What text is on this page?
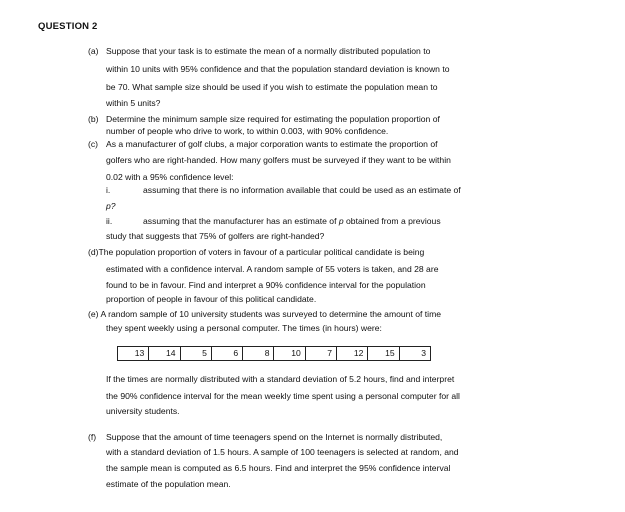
QUESTION 2
(a) Suppose that your task is to estimate the mean of a normally distributed population to
within 10 units with 95% confidence and that the population standard deviation is known to
be 70. What sample size should be used if you wish to estimate the population mean to
within 5 units?
(b) Determine the minimum sample size required for estimating the population proportion of
number of people who drive to work, to within 0.003, with 90% confidence.
(c) As a manufacturer of golf clubs, a major corporation wants to estimate the proportion of
golfers who are right-handed. How many golfers must be surveyed if they want to be within
0.02 with a 95% confidence level:
i.	assuming that there is no information available that could be used as an estimate of
p?
ii.	assuming that the manufacturer has an estimate of p obtained from a previous
study that suggests that 75% of golfers are right-handed?
(d)The population proportion of voters in favour of a particular political candidate is being
estimated with a confidence interval. A random sample of 55 voters is taken, and 28 are
found to be in favour. Find and interpret a 90% confidence interval for the population
proportion of people in favour of this political candidate.
(e) A random sample of 10 university students was surveyed to determine the amount of time
they spent weekly using a personal computer. The times (in hours) were:
13	14	5	6	8	10	7	12	15	3
If the times are normally distributed with a standard deviation of 5.2 hours, find and interpret
the 90% confidence interval for the mean weekly time spent using a personal computer for all
university students.
(f) Suppose that the amount of time teenagers spend on the Internet is normally distributed,
with a standard deviation of 1.5 hours. A sample of 100 teenagers is selected at random, and
the sample mean is computed as 6.5 hours. Find and interpret the 95% confidence interval
estimate of the population mean.
